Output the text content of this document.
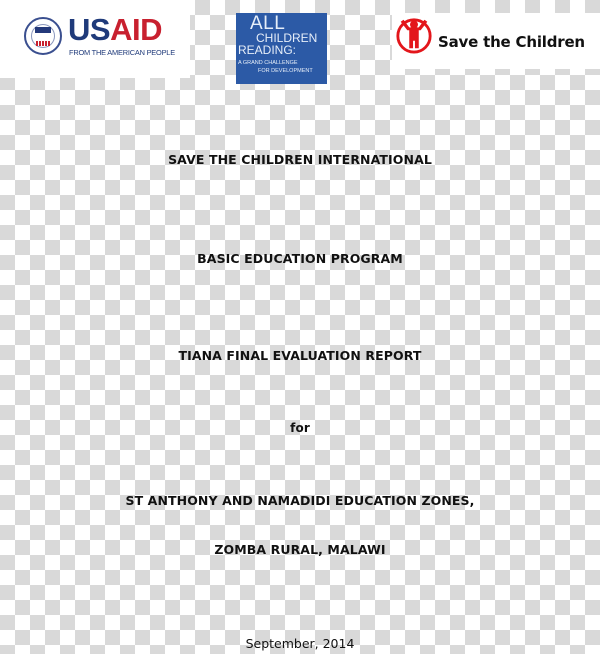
USAID
FROM THE AMERICAN PEOPLE
ALL
CHILDREN
READING:
A GRAND CHALLENGE
FOR DEVELOPMENT
Save the Children
SAVE THE CHILDREN INTERNATIONAL
BASIC EDUCATION PROGRAM
TIANA FINAL EVALUATION REPORT
for
ST ANTHONY AND NAMADIDI EDUCATION ZONES,
ZOMBA RURAL, MALAWI
September, 2014
